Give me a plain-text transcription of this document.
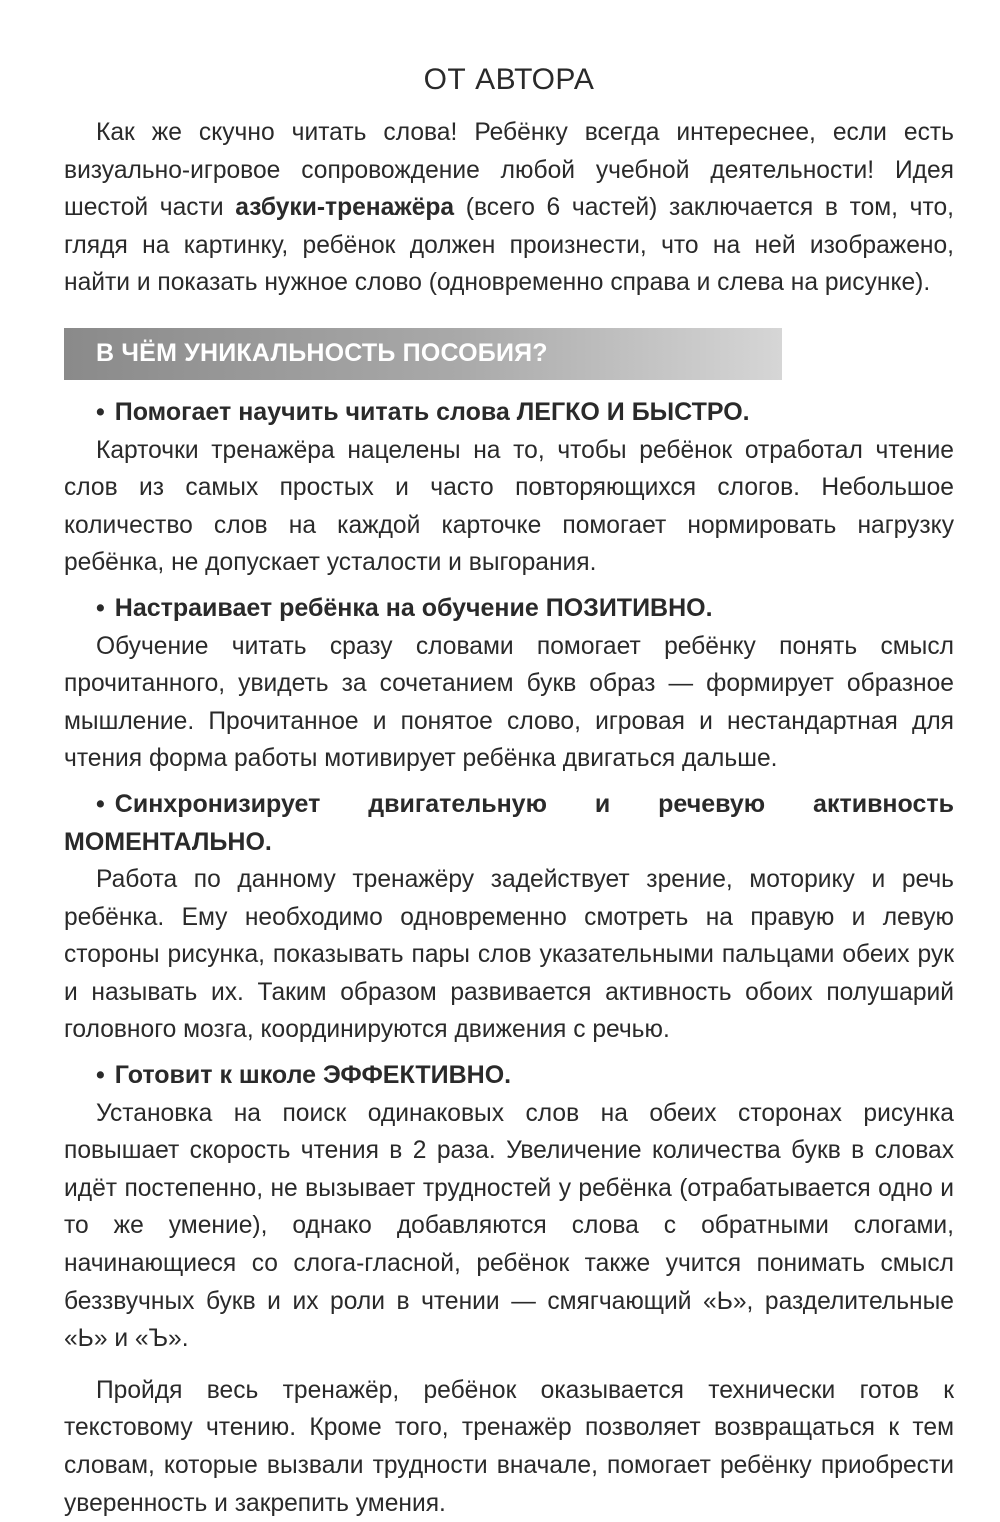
ОТ АВТОРА

Как же скучно читать слова! Ребёнку всегда интереснее, если есть визуально-игровое сопровождение любой учебной деятельности! Идея шестой части азбуки-тренажёра (всего 6 частей) заключается в том, что, глядя на картинку, ребёнок должен произнести, что на ней изображено, найти и показать нужное слово (одновременно справа и слева на рисунке).

В ЧЁМ УНИКАЛЬНОСТЬ ПОСОБИЯ?

• Помогает научить читать слова ЛЕГКО И БЫСТРО.

Карточки тренажёра нацелены на то, чтобы ребёнок отработал чтение слов из самых простых и часто повторяющихся слогов. Небольшое количество слов на каждой карточке помогает нормировать нагрузку ребёнка, не допускает усталости и выгорания.

• Настраивает ребёнка на обучение ПОЗИТИВНО.

Обучение читать сразу словами помогает ребёнку понять смысл прочитанного, увидеть за сочетанием букв образ — формирует образное мышление. Прочитанное и понятое слово, игровая и нестандартная для чтения форма работы мотивирует ребёнка двигаться дальше.

• Синхронизирует двигательную и речевую активность МОМЕНТАЛЬНО.

Работа по данному тренажёру задействует зрение, моторику и речь ребёнка. Ему необходимо одновременно смотреть на правую и левую стороны рисунка, показывать пары слов указательными пальцами обеих рук и называть их. Таким образом развивается активность обоих полушарий головного мозга, координируются движения с речью.

• Готовит к школе ЭФФЕКТИВНО.

Установка на поиск одинаковых слов на обеих сторонах рисунка повышает скорость чтения в 2 раза. Увеличение количества букв в словах идёт постепенно, не вызывает трудностей у ребёнка (отрабатывается одно и то же умение), однако добавляются слова с обратными слогами, начинающиеся со слога-гласной, ребёнок также учится понимать смысл беззвучных букв и их роли в чтении — смягчающий «Ь», разделительные «Ь» и «Ъ».

Пройдя весь тренажёр, ребёнок оказывается технически готов к текстовому чтению. Кроме того, тренажёр позволяет возвращаться к тем словам, которые вызвали трудности вначале, помогает ребёнку приобрести уверенность и закрепить умения.
